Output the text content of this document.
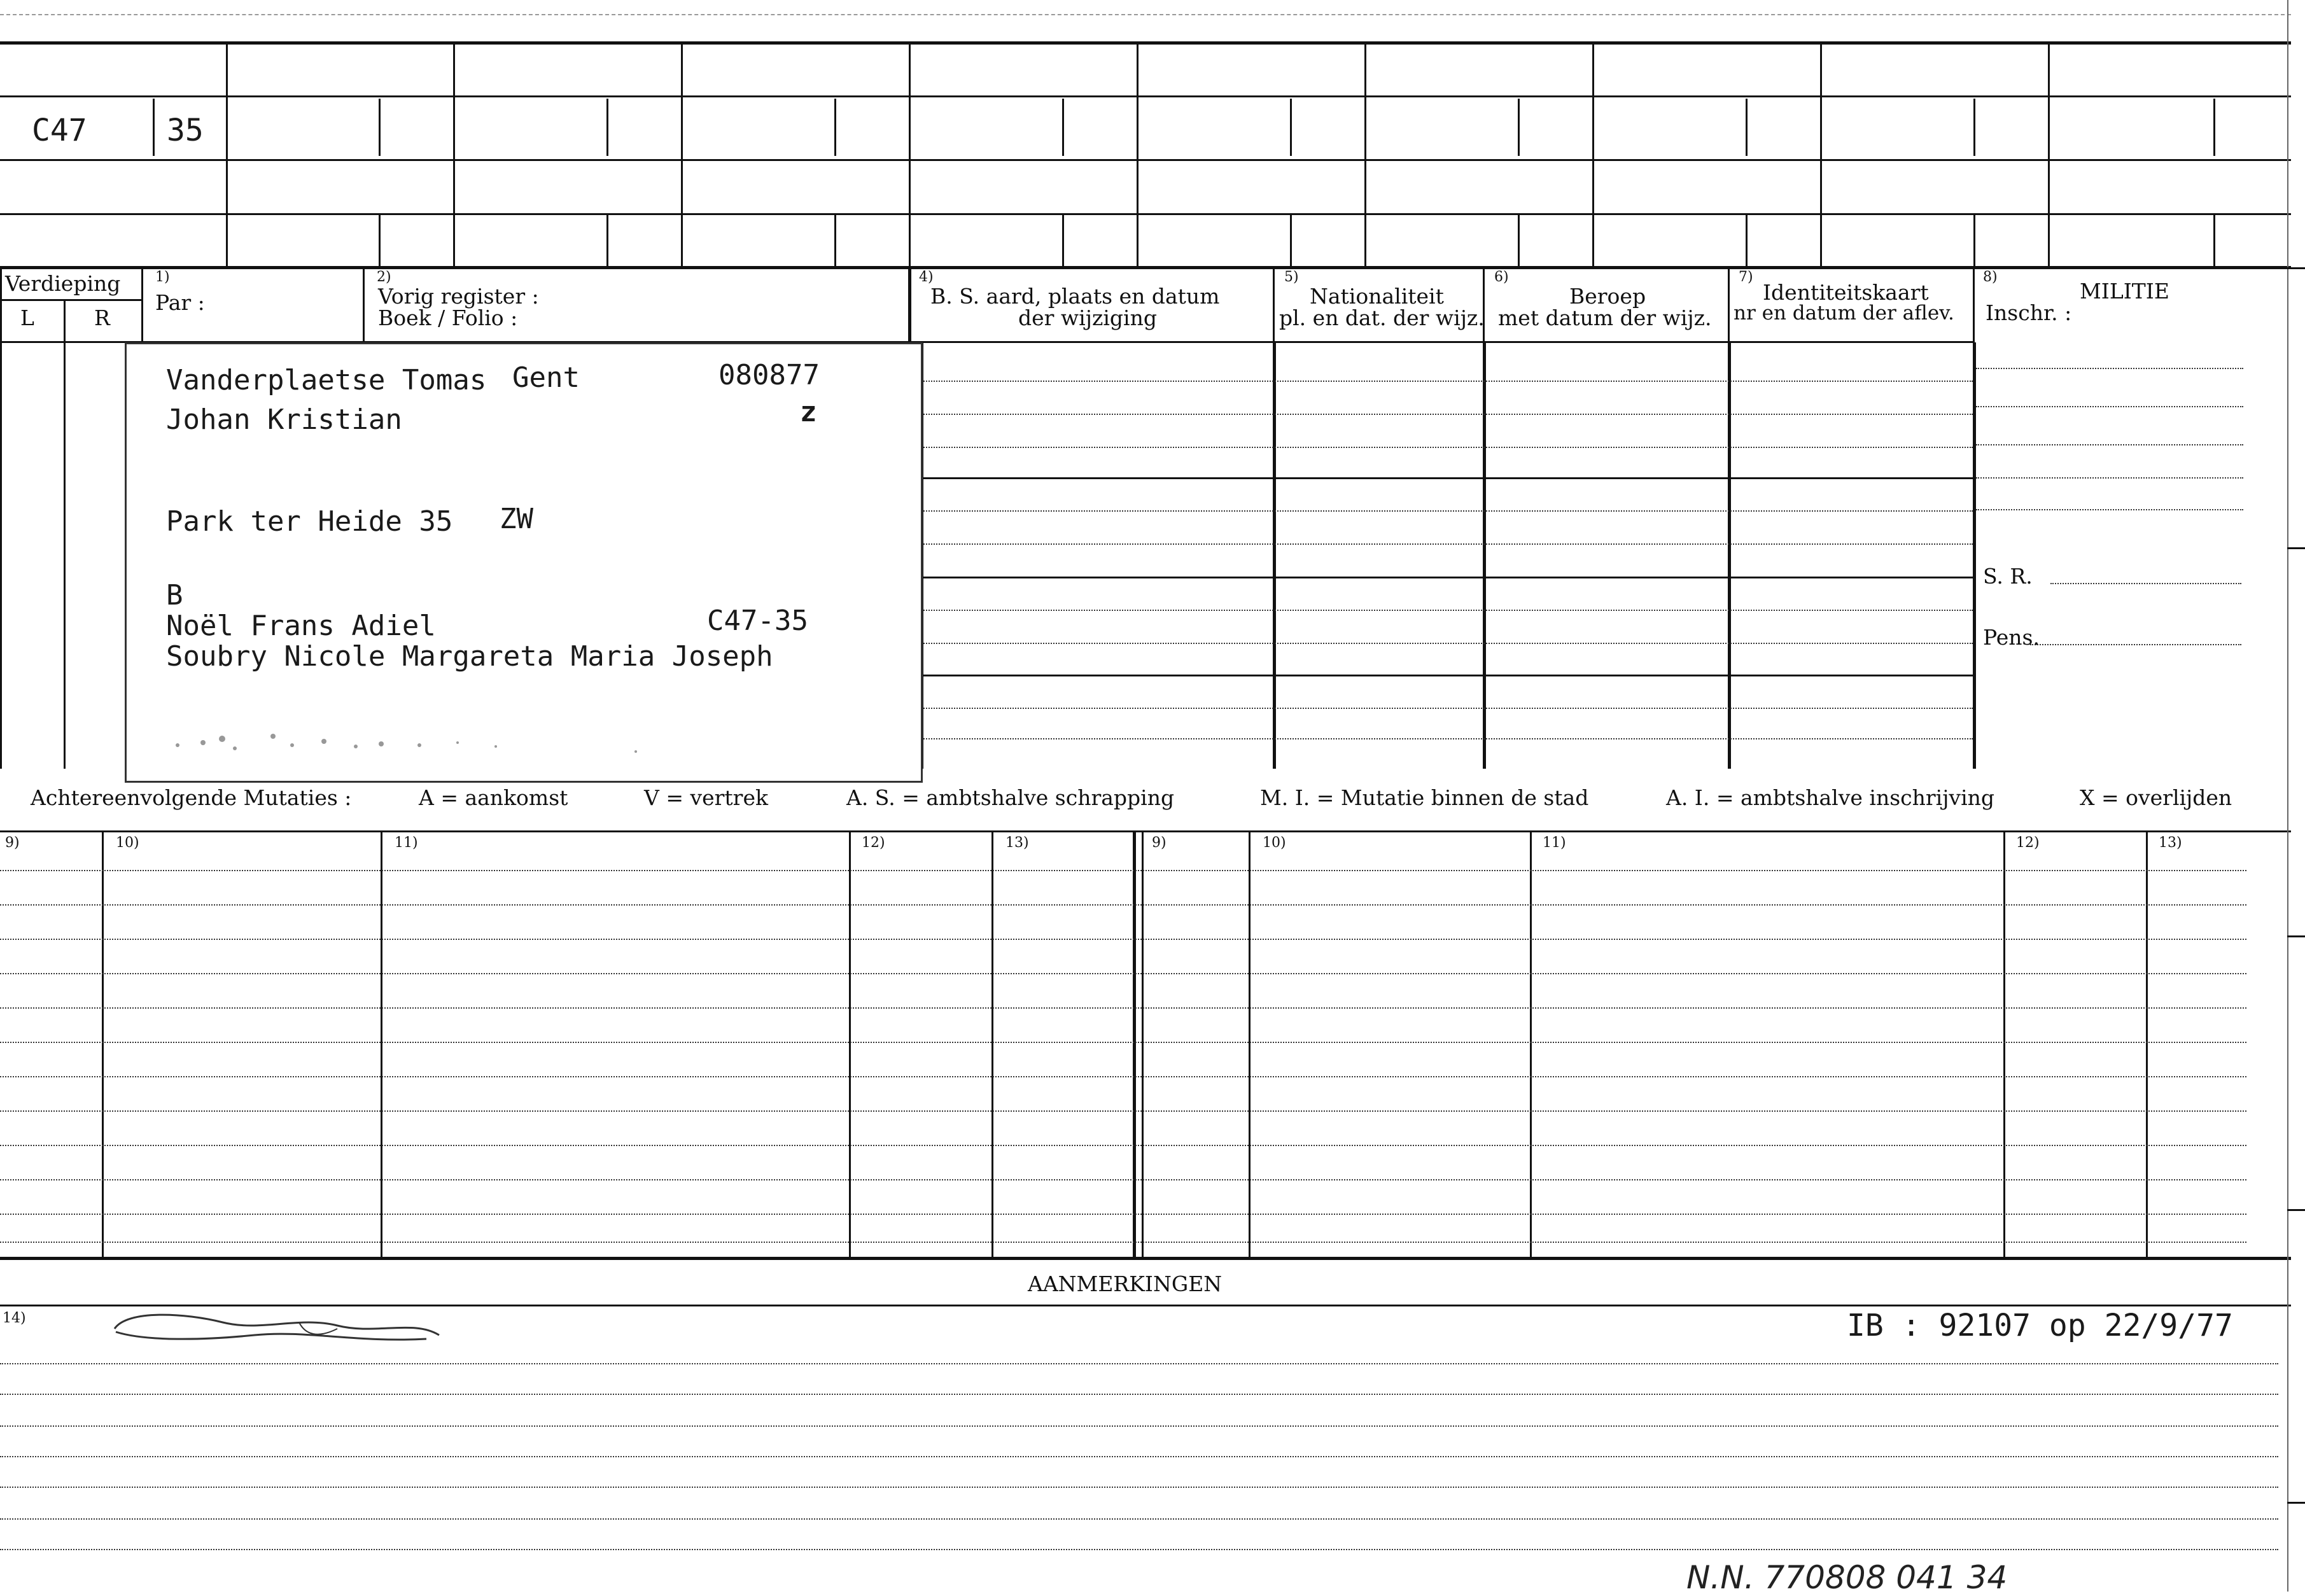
C47	35
Verdieping
L	R
1)
Par :
2)
Vorig register :
Boek / Folio :
4)
B. S. aard, plaats en datum
der wijziging
5)
Nationaliteit
pl. en dat. der wijz.
6)
Beroep
met datum der wijz.
7)
Identiteitskaart
nr en datum der aflev.
8)
MILITIE
Inschr. :
S. R.
Pens.
Vanderplaetse Tomas Gent	080877
z
Johan Kristian
Park ter Heide 35 ZW
B
Noël Frans Adiel	C47-35
Soubry Nicole Margareta Maria Joseph
Achtereenvolgende Mutaties :	A = aankomst	V = vertrek	A. S. = ambtshalve schrapping	M. I. = Mutatie binnen de stad	A. I. = ambtshalve inschrijving	X = overlijden
9)	10)	11)	12)	13)	9)	10)	11)	12)	13)
AANMERKINGEN
14)	IB : 92107 op 22/9/77
N.N. 770808 041 34
